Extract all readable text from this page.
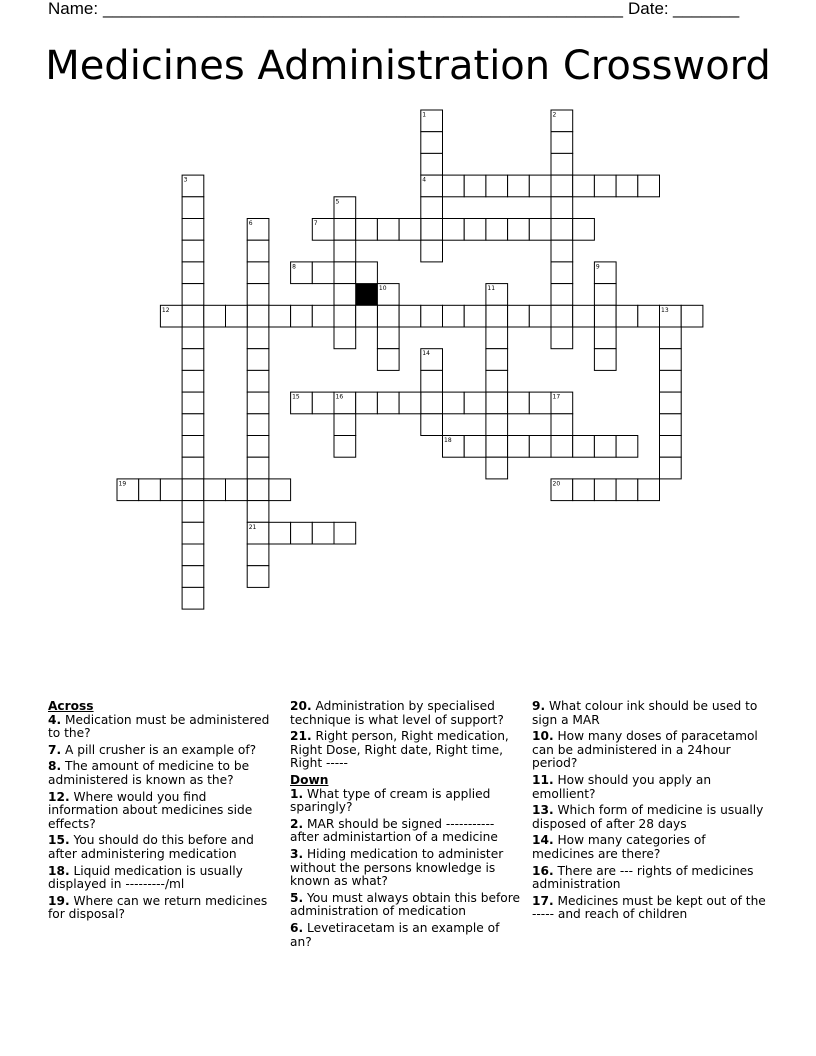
Name: _______________________________________________________ Date: _______
Medicines Administration Crossword
1	2
3	4
5
6	7
8	9
10	11
12	13
14
15	16	17
18
19	20
21
Across
4. Medication must be administered to the?
7. A pill crusher is an example of?
8. The amount of medicine to be administered is known as the?
12. Where would you find information about medicines side effects?
15. You should do this before and after administering medication
18. Liquid medication is usually displayed in ---------/ml
19. Where can we return medicines for disposal?
20. Administration by specialised technique is what level of support?
21. Right person, Right medication, Right Dose, Right date, Right time, Right -----
Down
1. What type of cream is applied sparingly?
2. MAR should be signed ----------- after administartion of a medicine
3. Hiding medication to administer without the persons knowledge is known as what?
5. You must always obtain this before administration of medication
6. Levetiracetam is an example of an?
9. What colour ink should be used to sign a MAR
10. How many doses of paracetamol can be administered in a 24hour period?
11. How should you apply an emollient?
13. Which form of medicine is usually disposed of after 28 days
14. How many categories of medicines are there?
16. There are --- rights of medicines administration
17. Medicines must be kept out of the ----- and reach of children
